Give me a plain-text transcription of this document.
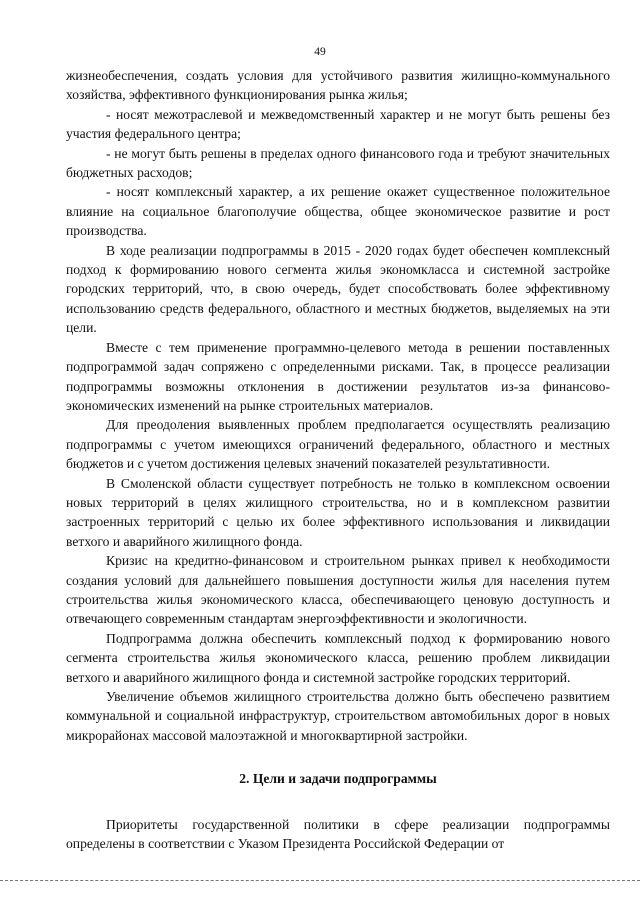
49

жизнеобеспечения, создать условия для устойчивого развития жилищно-коммунального хозяйства, эффективного функционирования рынка жилья;

- носят межотраслевой и межведомственный характер и не могут быть решены без участия федерального центра;

- не могут быть решены в пределах одного финансового года и требуют значительных бюджетных расходов;

- носят комплексный характер, а их решение окажет существенное положительное влияние на социальное благополучие общества, общее экономическое развитие и рост производства.

В ходе реализации подпрограммы в 2015 - 2020 годах будет обеспечен комплексный подход к формированию нового сегмента жилья экономкласса и системной застройке городских территорий, что, в свою очередь, будет способствовать более эффективному использованию средств федерального, областного и местных бюджетов, выделяемых на эти цели.

Вместе с тем применение программно-целевого метода в решении поставленных подпрограммой задач сопряжено с определенными рисками. Так, в процессе реализации подпрограммы возможны отклонения в достижении результатов из-за финансово-экономических изменений на рынке строительных материалов.

Для преодоления выявленных проблем предполагается осуществлять реализацию подпрограммы с учетом имеющихся ограничений федерального, областного и местных бюджетов и с учетом достижения целевых значений показателей результативности.

В Смоленской области существует потребность не только в комплексном освоении новых территорий в целях жилищного строительства, но и в комплексном развитии застроенных территорий с целью их более эффективного использования и ликвидации ветхого и аварийного жилищного фонда.

Кризис на кредитно-финансовом и строительном рынках привел к необходимости создания условий для дальнейшего повышения доступности жилья для населения путем строительства жилья экономического класса, обеспечивающего ценовую доступность и отвечающего современным стандартам энергоэффективности и экологичности.

Подпрограмма должна обеспечить комплексный подход к формированию нового сегмента строительства жилья экономического класса, решению проблем ликвидации ветхого и аварийного жилищного фонда и системной застройке городских территорий.

Увеличение объемов жилищного строительства должно быть обеспечено развитием коммунальной и социальной инфраструктур, строительством автомобильных дорог в новых микрорайонах массовой малоэтажной и многоквартирной застройки.

2. Цели и задачи подпрограммы

Приоритеты государственной политики в сфере реализации подпрограммы определены в соответствии с Указом Президента Российской Федерации от
